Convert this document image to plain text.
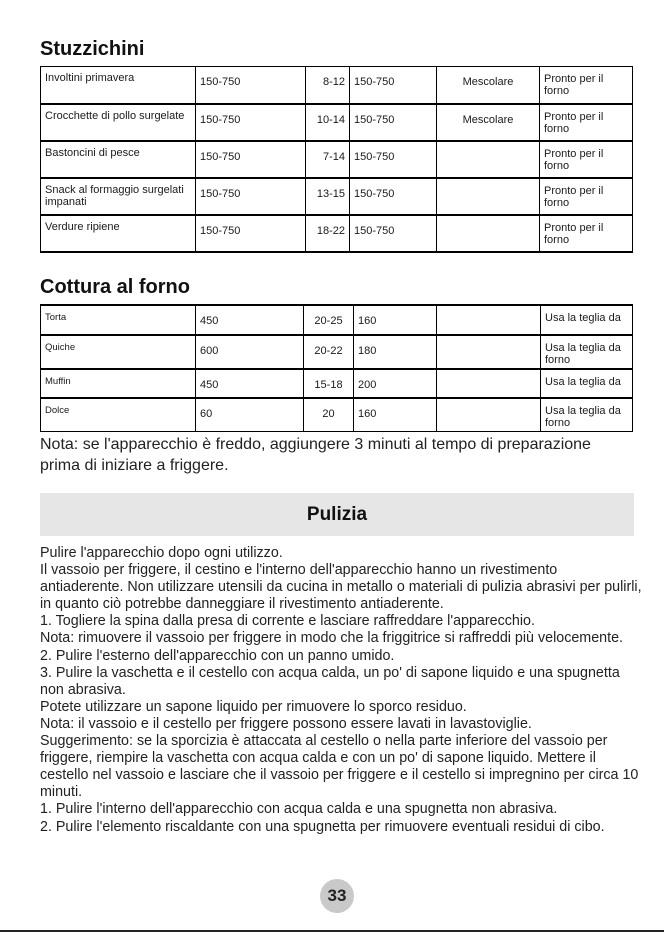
Stuzzichini
Involtini primavera	150-750	8-12	150-750	Mescolare	Pronto per il forno
Crocchette di pollo surgelate	150-750	10-14	150-750	Mescolare	Pronto per il forno
Bastoncini di pesce	150-750	7-14	150-750		Pronto per il forno
Snack al formaggio surgelati impanati	150-750	13-15	150-750		Pronto per il forno
Verdure ripiene	150-750	18-22	150-750		Pronto per il forno
Cottura al forno
Torta	450	20-25	160		Usa la teglia da
Quiche	600	20-22	180		Usa la teglia da forno
Muffin	450	15-18	200		Usa la teglia da
Dolce	60	20	160		Usa la teglia da forno
Nota: se l'apparecchio è freddo, aggiungere 3 minuti al tempo di preparazione prima di iniziare a friggere.
Pulizia

Pulire l'apparecchio dopo ogni utilizzo.

Il vassoio per friggere, il cestino e l'interno dell'apparecchio hanno un rivestimento antiaderente. Non utilizzare utensili da cucina in metallo o materiali di pulizia abrasivi per pulirli, in quanto ciò potrebbe danneggiare il rivestimento antiaderente.

1. Togliere la spina dalla presa di corrente e lasciare raffreddare l'apparecchio.

Nota: rimuovere il vassoio per friggere in modo che la friggitrice si raffreddi più velocemente.

2. Pulire l'esterno dell'apparecchio con un panno umido.

3. Pulire la vaschetta e il cestello con acqua calda, un po' di sapone liquido e una spugnetta non abrasiva.

Potete utilizzare un sapone liquido per rimuovere lo sporco residuo.

Nota: il vassoio e il cestello per friggere possono essere lavati in lavastoviglie.

Suggerimento: se la sporcizia è attaccata al cestello o nella parte inferiore del vassoio per friggere, riempire la vaschetta con acqua calda e con un po' di sapone liquido. Mettere il cestello nel vassoio e lasciare che il vassoio per friggere e il cestello si impregnino per circa 10 minuti.

1. Pulire l'interno dell'apparecchio con acqua calda e una spugnetta non abrasiva.

2. Pulire l'elemento riscaldante con una spugnetta per rimuovere eventuali residui di cibo.

33
